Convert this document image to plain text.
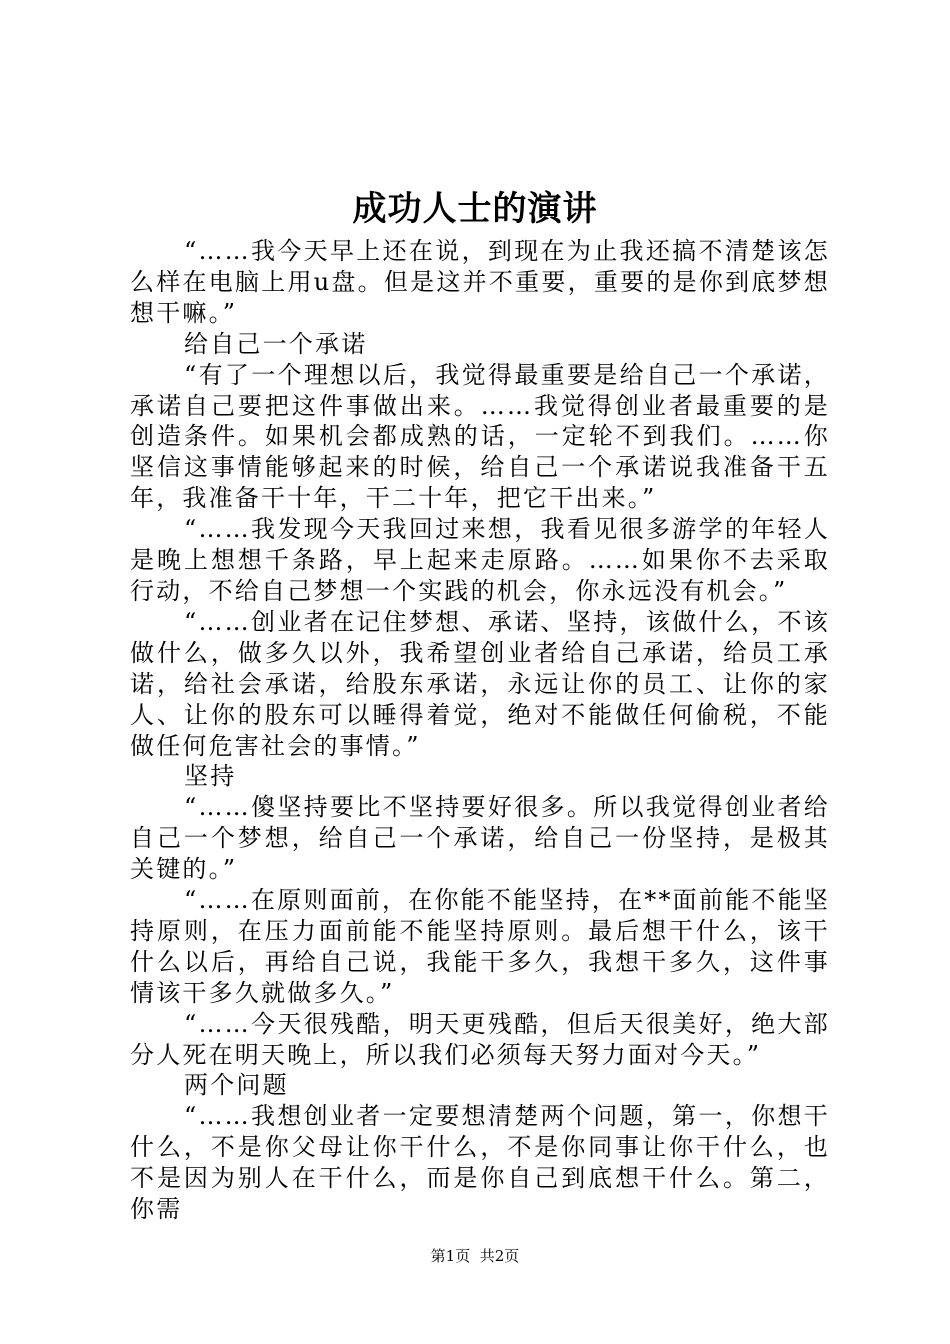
成功人士的演讲

“……我今天早上还在说，到现在为止我还搞不清楚该怎么样在电脑上用u盘。但是这并不重要，重要的是你到底梦想想干嘛。”

给自己一个承诺

“有了一个理想以后，我觉得最重要是给自己一个承诺，承诺自己要把这件事做出来。……我觉得创业者最重要的是创造条件。如果机会都成熟的话，一定轮不到我们。……你坚信这事情能够起来的时候，给自己一个承诺说我准备干五年，我准备干十年，干二十年，把它干出来。”

“……我发现今天我回过来想，我看见很多游学的年轻人是晚上想想千条路，早上起来走原路。……如果你不去采取行动，不给自己梦想一个实践的机会，你永远没有机会。”

“……创业者在记住梦想、承诺、坚持，该做什么，不该做什么，做多久以外，我希望创业者给自己承诺，给员工承诺，给社会承诺，给股东承诺，永远让你的员工、让你的家人、让你的股东可以睡得着觉，绝对不能做任何偷税，不能做任何危害社会的事情。”

坚持

“……傻坚持要比不坚持要好很多。所以我觉得创业者给自己一个梦想，给自己一个承诺，给自己一份坚持，是极其关键的。”

“……在原则面前，在你能不能坚持，在**面前能不能坚持原则，在压力面前能不能坚持原则。最后想干什么，该干什么以后，再给自己说，我能干多久，我想干多久，这件事情该干多久就做多久。”

“……今天很残酷，明天更残酷，但后天很美好，绝大部分人死在明天晚上，所以我们必须每天努力面对今天。”

两个问题

“……我想创业者一定要想清楚两个问题，第一，你想干什么，不是你父母让你干什么，不是你同事让你干什么，也不是因为别人在干什么，而是你自己到底想干什么。第二，你需

第1页 共2页
